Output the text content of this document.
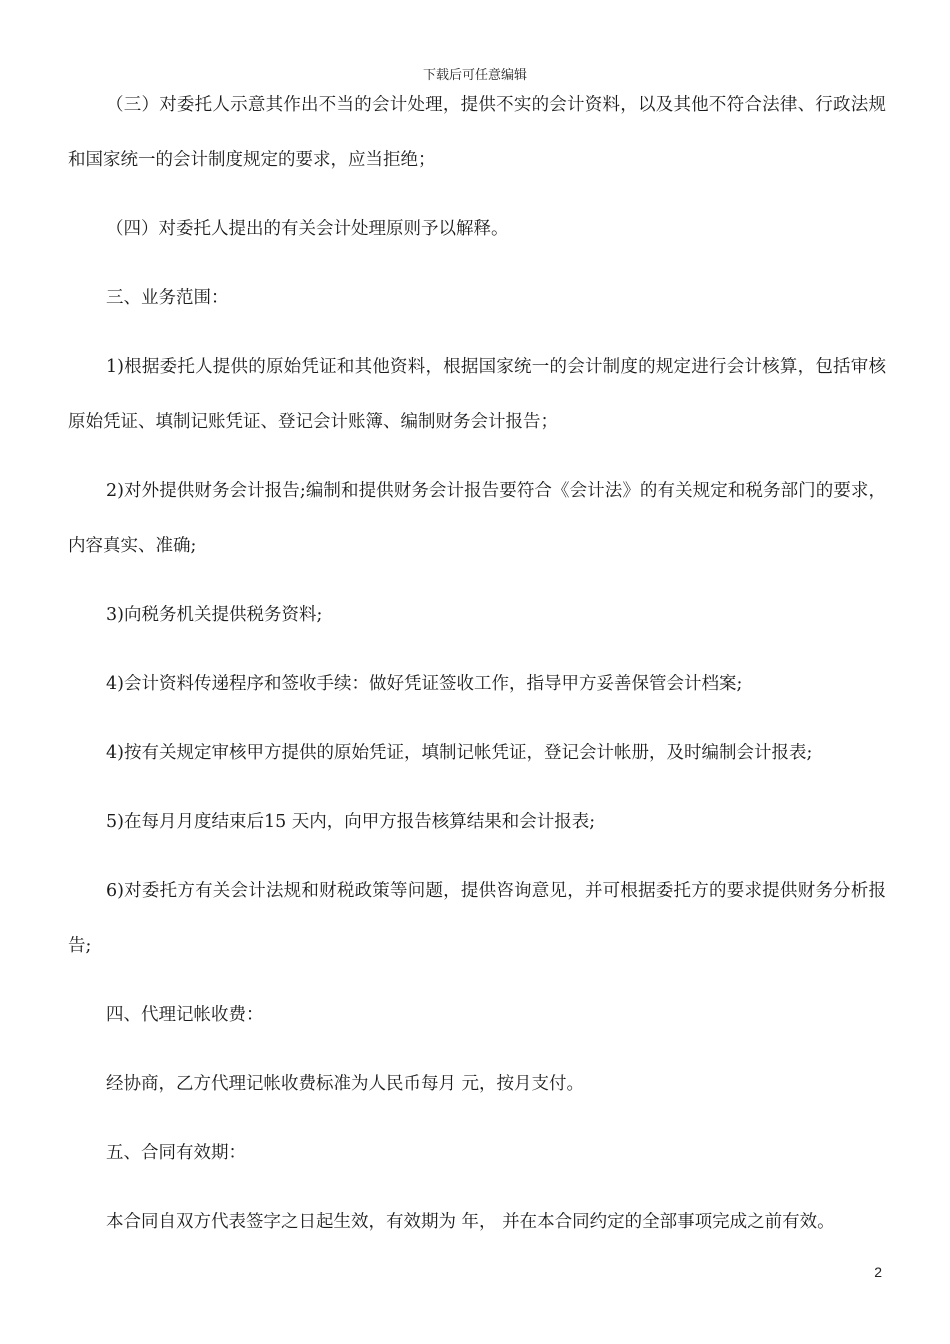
下载后可任意编辑

（三）对委托人示意其作出不当的会计处理，提供不实的会计资料，以及其他不符合法律、行政法规和国家统一的会计制度规定的要求，应当拒绝；

（四）对委托人提出的有关会计处理原则予以解释。

三、业务范围：

1)根据委托人提供的原始凭证和其他资料，根据国家统一的会计制度的规定进行会计核算，包括审核原始凭证、填制记账凭证、登记会计账簿、编制财务会计报告；

2)对外提供财务会计报告;编制和提供财务会计报告要符合《会计法》的有关规定和税务部门的要求，内容真实、准确;

3)向税务机关提供税务资料;

4)会计资料传递程序和签收手续：做好凭证签收工作，指导甲方妥善保管会计档案;

4)按有关规定审核甲方提供的原始凭证，填制记帐凭证，登记会计帐册，及时编制会计报表;

5)在每月月度结束后15 天内，向甲方报告核算结果和会计报表;

6)对委托方有关会计法规和财税政策等问题，提供咨询意见，并可根据委托方的要求提供财务分析报告;

四、代理记帐收费：

经协商，乙方代理记帐收费标准为人民币每月 元，按月支付。

五、合同有效期：

本合同自双方代表签字之日起生效，有效期为 年， 并在本合同约定的全部事项完成之前有效。

2
